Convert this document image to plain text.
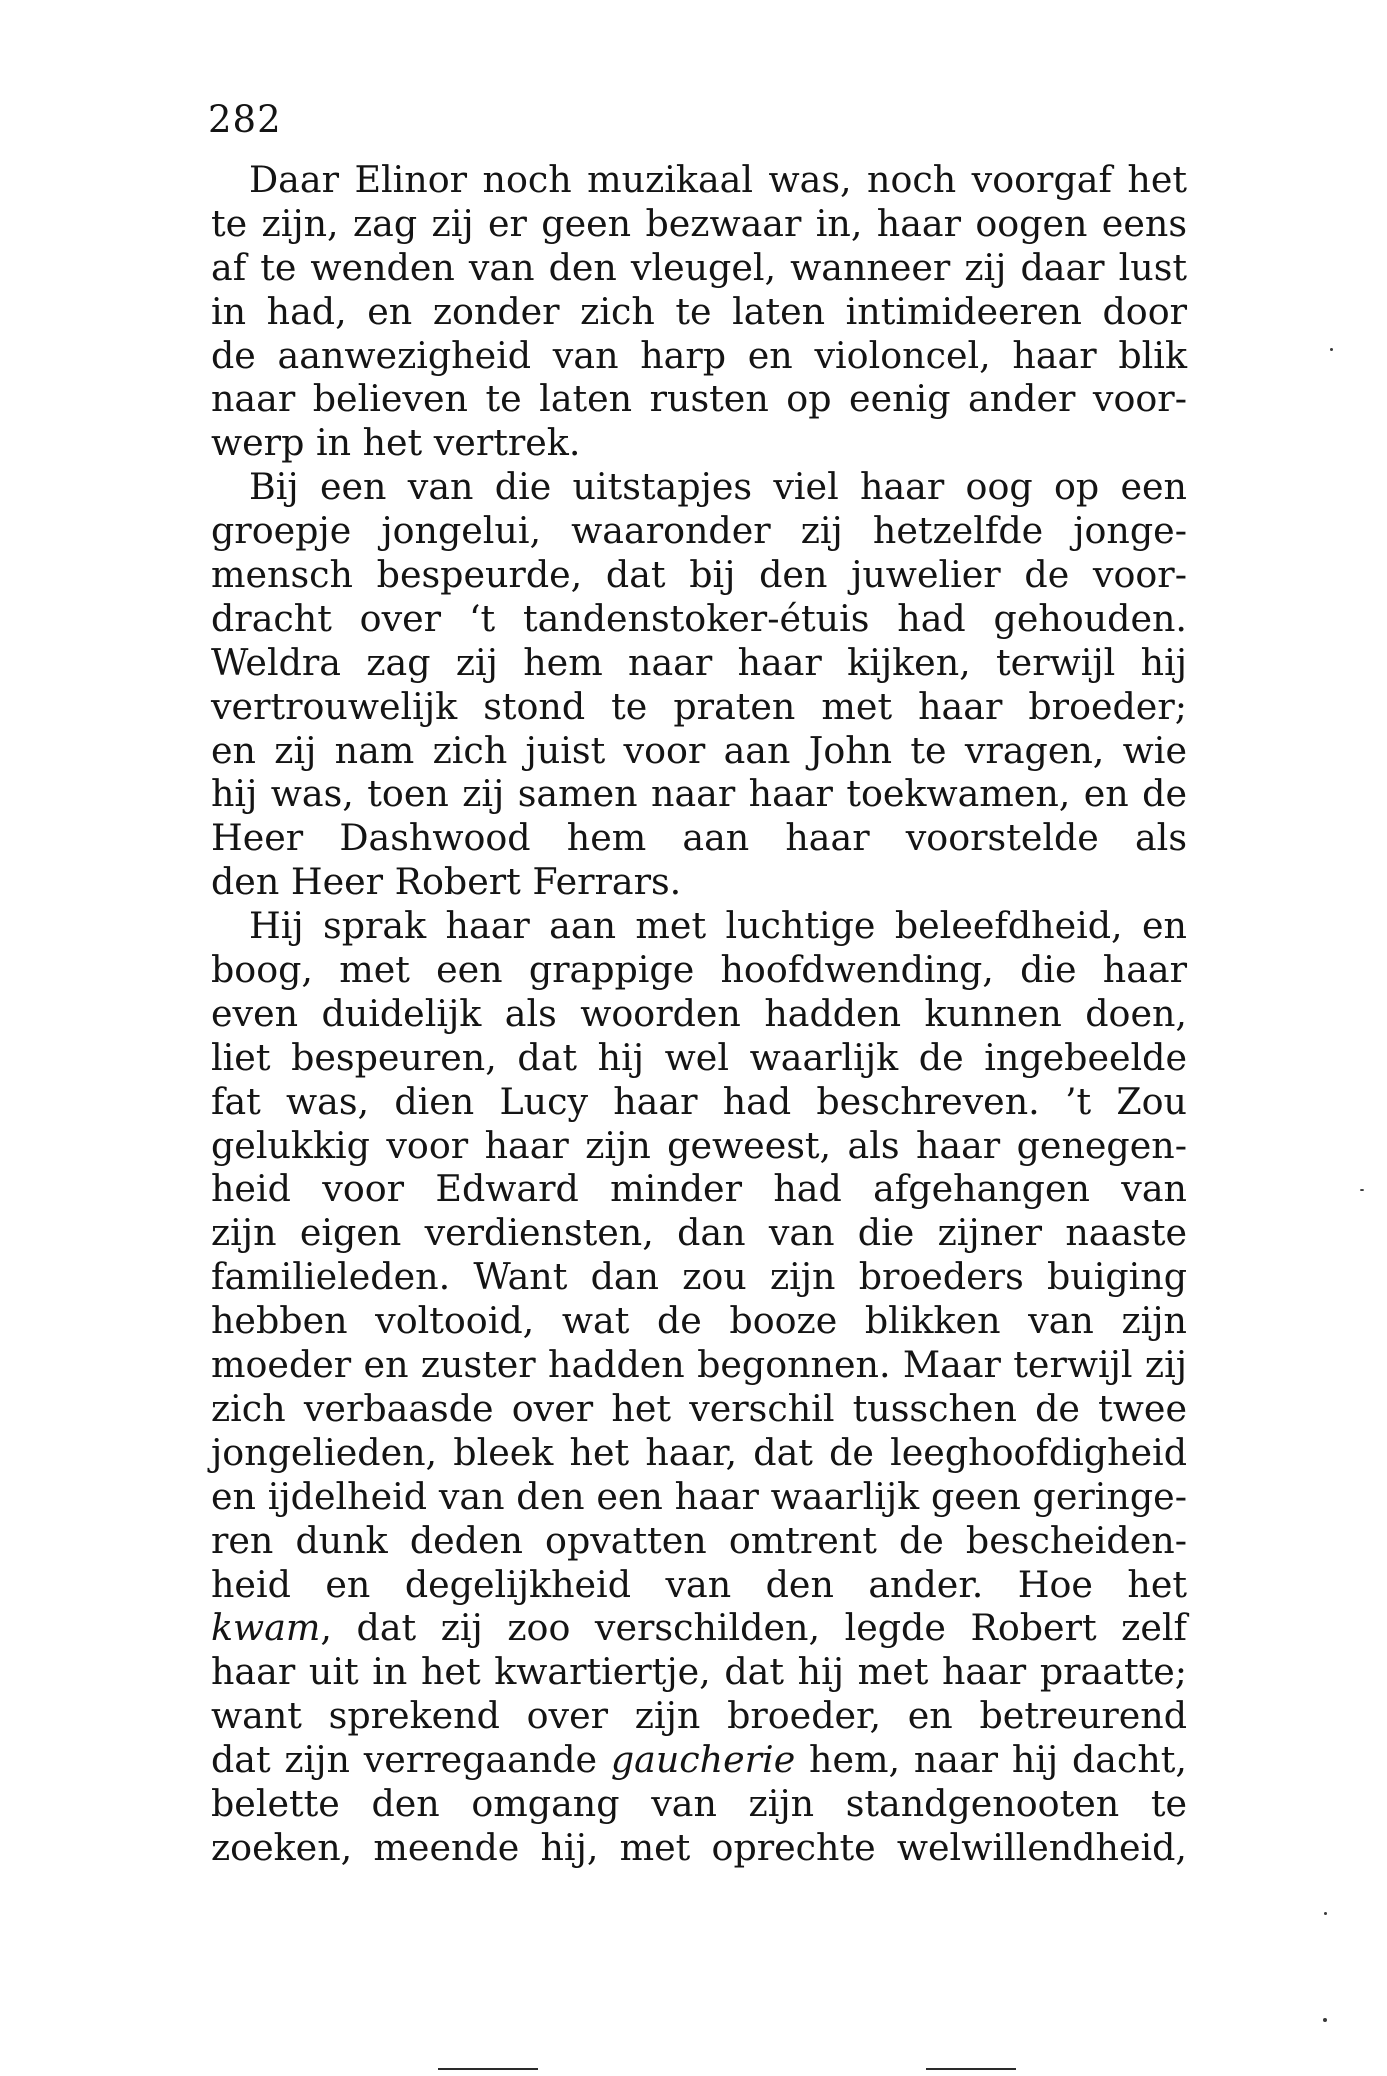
282
Daar Elinor noch muzikaal was, noch voorgaf het
te zijn, zag zij er geen bezwaar in, haar oogen eens
af te wenden van den vleugel, wanneer zij daar lust
in had, en zonder zich te laten intimideeren door
de aanwezigheid van harp en violoncel, haar blik
naar believen te laten rusten op eenig ander voor-
werp in het vertrek.
Bij een van die uitstapjes viel haar oog op een
groepje jongelui, waaronder zij hetzelfde jonge-
mensch bespeurde, dat bij den juwelier de voor-
dracht over ‘t tandenstoker-étuis had gehouden.
Weldra zag zij hem naar haar kijken, terwijl hij
vertrouwelijk stond te praten met haar broeder;
en zij nam zich juist voor aan John te vragen, wie
hij was, toen zij samen naar haar toekwamen, en de
Heer Dashwood hem aan haar voorstelde als
den Heer Robert Ferrars.
Hij sprak haar aan met luchtige beleefdheid, en
boog, met een grappige hoofdwending, die haar
even duidelijk als woorden hadden kunnen doen,
liet bespeuren, dat hij wel waarlijk de ingebeelde
fat was, dien Lucy haar had beschreven. ’t Zou
gelukkig voor haar zijn geweest, als haar genegen-
heid voor Edward minder had afgehangen van
zijn eigen verdiensten, dan van die zijner naaste
familieleden. Want dan zou zijn broeders buiging
hebben voltooid, wat de booze blikken van zijn
moeder en zuster hadden begonnen. Maar terwijl zij
zich verbaasde over het verschil tusschen de twee
jongelieden, bleek het haar, dat de leeghoofdigheid
en ijdelheid van den een haar waarlijk geen geringe-
ren dunk deden opvatten omtrent de bescheiden-
heid en degelijkheid van den ander. Hoe het
kwam, dat zij zoo verschilden, legde Robert zelf
haar uit in het kwartiertje, dat hij met haar praatte;
want sprekend over zijn broeder, en betreurend
dat zijn verregaande gaucherie hem, naar hij dacht,
belette den omgang van zijn standgenooten te
zoeken, meende hij, met oprechte welwillendheid,
